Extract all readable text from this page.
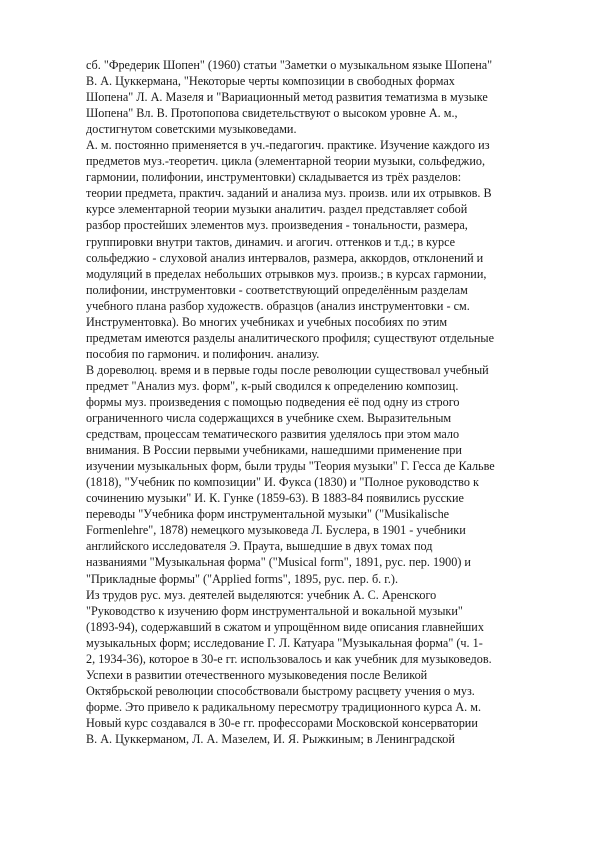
сб. "Фредерик Шопен" (1960) статьи "Заметки о музыкальном языке Шопена"
В. А. Цуккермана, "Некоторые черты композиции в свободных формах
Шопена" Л. А. Мазеля и "Вариационный метод развития тематизма в музыке
Шопена" Вл. В. Протопопова свидетельствуют о высоком уровне А. м.,
достигнутом советскими музыковедами.
А. м. постоянно применяется в уч.-педагогич. практике. Изучение каждого из
предметов муз.-теоретич. цикла (элементарной теории музыки, сольфеджио,
гармонии, полифонии, инструментовки) складывается из трёх разделов:
теории предмета, практич. заданий и анализа муз. произв. или их отрывков. В
курсе элементарной теории музыки аналитич. раздел представляет собой
разбор простейших элементов муз. произведения - тональности, размера,
группировки внутри тактов, динамич. и агогич. оттенков и т.д.; в курсе
сольфеджио - слуховой анализ интервалов, размера, аккордов, отклонений и
модуляций в пределах небольших отрывков муз. произв.; в курсах гармонии,
полифонии, инструментовки - соответствующий определённым разделам
учебного плана разбор художеств. образцов (анализ инструментовки - см.
Инструментовка). Во многих учебниках и учебных пособиях по этим
предметам имеются разделы аналитического профиля; существуют отдельные
пособия по гармонич. и полифонич. анализу.
В дореволюц. время и в первые годы после революции существовал учебный
предмет "Анализ муз. форм", к-рый сводился к определению композиц.
формы муз. произведения с помощью подведения её под одну из строго
ограниченного числа содержащихся в учебнике схем. Выразительным
средствам, процессам тематического развития уделялось при этом мало
внимания. В России первыми учебниками, нашедшими применение при
изучении музыкальных форм, были труды "Теория музыки" Г. Гесса де Кальве
(1818), "Учебник по композиции" И. Фукса (1830) и "Полное руководство к
сочинению музыки" И. К. Гунке (1859-63). В 1883-84 появились русские
переводы "Учебника форм инструментальной музыки" ("Musikalische
Formenlehre", 1878) немецкого музыковеда Л. Буслера, в 1901 - учебники
английского исследователя Э. Праута, вышедшие в двух томах под
названиями "Музыкальная форма" ("Musical form", 1891, рус. пер. 1900) и
"Прикладные формы" ("Applied forms", 1895, рус. пер. б. г.).
Из трудов рус. муз. деятелей выделяются: учебник А. С. Аренского
"Руководство к изучению форм инструментальной и вокальной музыки"
(1893-94), содержавший в сжатом и упрощённом виде описания главнейших
музыкальных форм; исследование Г. Л. Катуара "Музыкальная форма" (ч. 1-
2, 1934-36), которое в 30-е гг. использовалось и как учебник для музыковедов.
Успехи в развитии отечественного музыковедения после Великой
Октябрьской революции способствовали быстрому расцвету учения о муз.
форме. Это привело к радикальному пересмотру традиционного курса А. м.
Новый курс создавался в 30-е гг. профессорами Московской консерватории
В. А. Цуккерманом, Л. А. Мазелем, И. Я. Рыжкиным; в Ленинградской
